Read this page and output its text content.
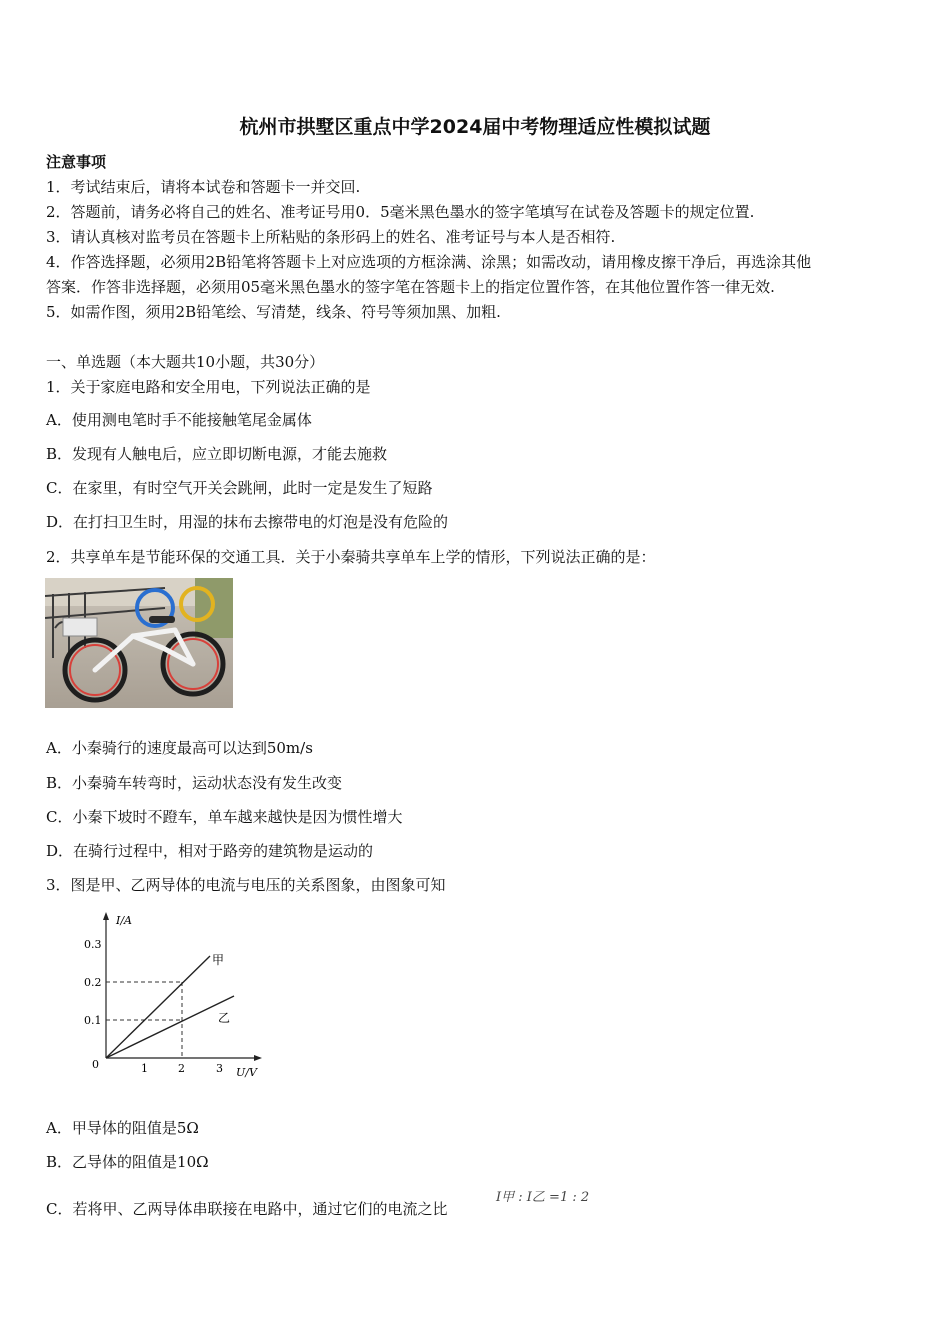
杭州市拱墅区重点中学2024届中考物理适应性模拟试题
注意事项
1．考试结束后，请将本试卷和答题卡一并交回.
2．答题前，请务必将自己的姓名、准考证号用0．5毫米黑色墨水的签字笔填写在试卷及答题卡的规定位置.
3．请认真核对监考员在答题卡上所粘贴的条形码上的姓名、准考证号与本人是否相符.
4．作答选择题，必须用2B铅笔将答题卡上对应选项的方框涂满、涂黑；如需改动，请用橡皮擦干净后，再选涂其他
答案．作答非选择题，必须用05毫米黑色墨水的签字笔在答题卡上的指定位置作答，在其他位置作答一律无效.
5．如需作图，须用2B铅笔绘、写清楚，线条、符号等须加黑、加粗.
一、单选题（本大题共10小题，共30分）
1．关于家庭电路和安全用电，下列说法正确的是
A．使用测电笔时手不能接触笔尾金属体
B．发现有人触电后，应立即切断电源，才能去施救
C．在家里，有时空气开关会跳闸，此时一定是发生了短路
D．在打扫卫生时，用湿的抹布去擦带电的灯泡是没有危险的
2．共享单车是节能环保的交通工具．关于小秦骑共享单车上学的情形，下列说法正确的是：
A．小秦骑行的速度最高可以达到50m/s
B．小秦骑车转弯时，运动状态没有发生改变
C．小秦下坡时不蹬车，单车越来越快是因为惯性增大
D．在骑行过程中，相对于路旁的建筑物是运动的
3．图是甲、乙两导体的电流与电压的关系图象，由图象可知
I/A
U/V
0
0.3
0.2
0.1
1	2	3
甲
乙
A．甲导体的阻值是5Ω
B．乙导体的阻值是10Ω
C．若将甲、乙两导体串联接在电路中，通过它们的电流之比
I甲 : I乙 =1 : 2
